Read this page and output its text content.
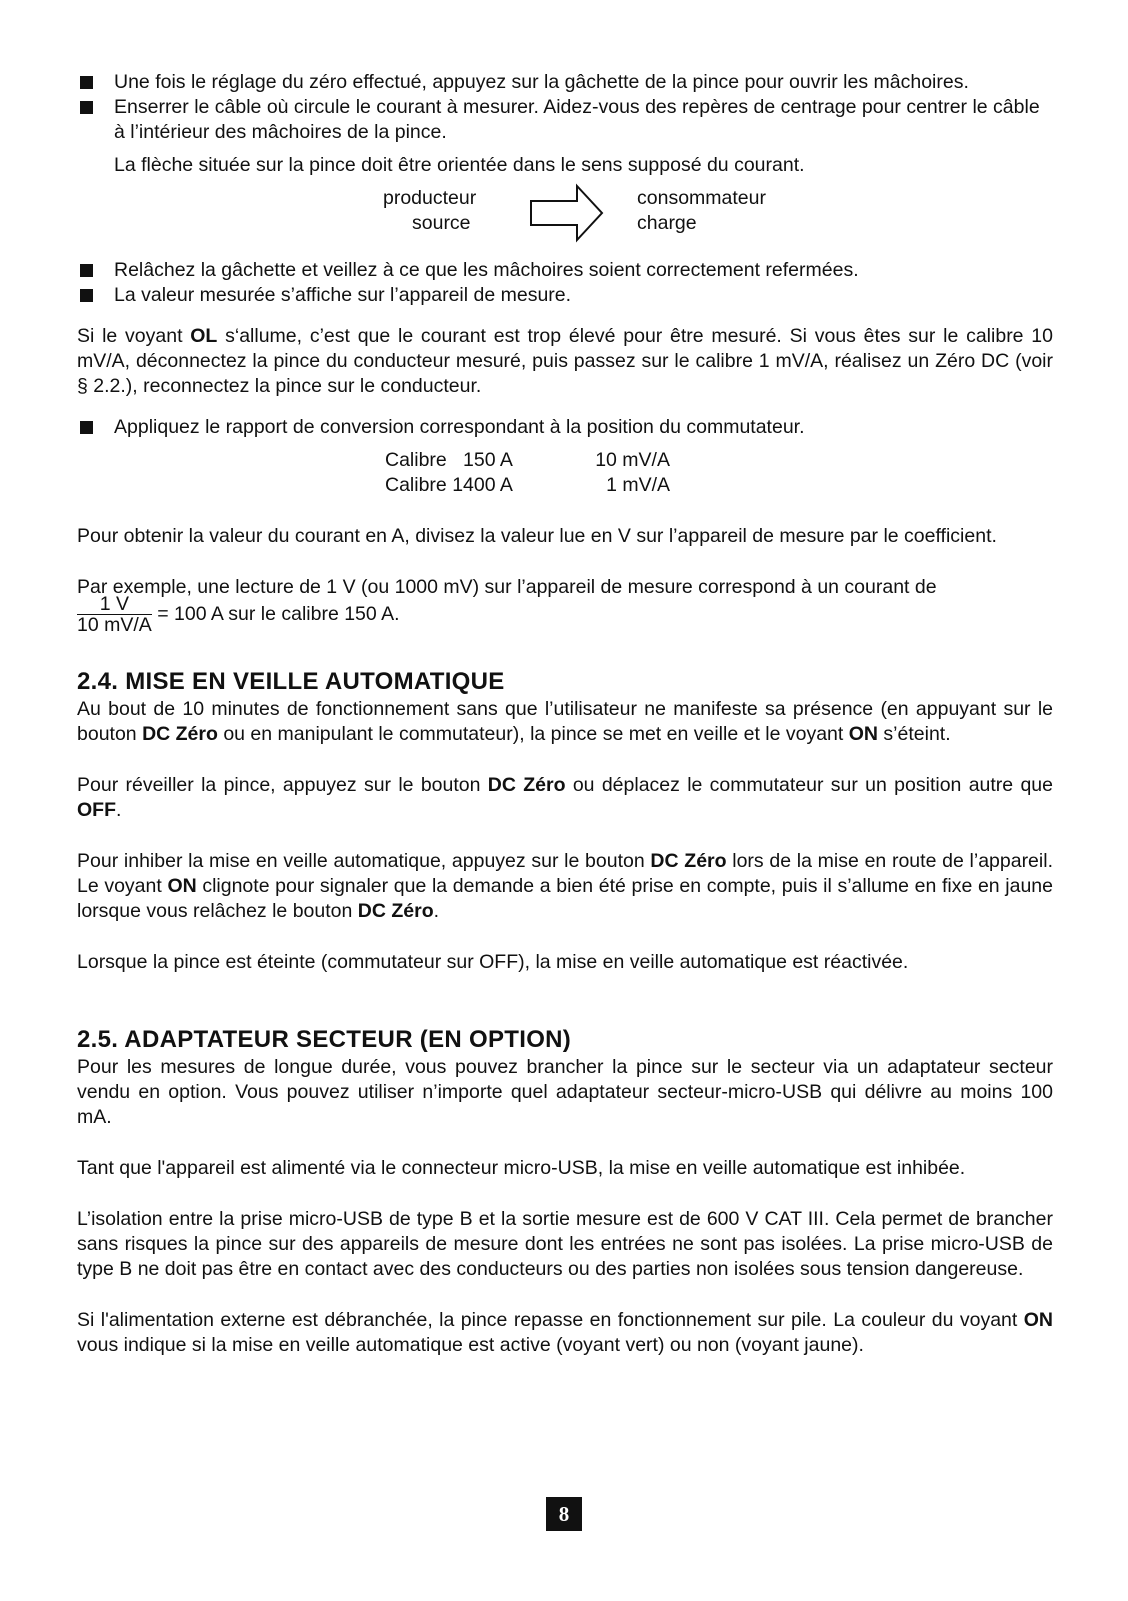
Une fois le réglage du zéro effectué, appuyez sur la gâchette de la pince pour ouvrir les mâchoires.
Enserrer le câble où circule le courant à mesurer. Aidez-vous des repères de centrage pour centrer le câble à l’intérieur des mâchoires de la pince.

La flèche située sur la pince doit être orientée dans le sens supposé du courant.

producteur
source
consommateur
charge
Relâchez la gâchette et veillez à ce que les mâchoires soient correctement refermées.
La valeur mesurée s’affiche sur l’appareil de mesure.

Si le voyant OL s‘allume, c’est que le courant est trop élevé pour être mesuré. Si vous êtes sur le calibre 10 mV/A, déconnectez la pince du conducteur mesuré, puis passez sur le calibre 1 mV/A, réalisez un Zéro DC (voir § 2.2.), reconnectez la pince sur le conducteur.

Appliquez le rapport de conversion correspondant à la position du commutateur.
Calibre   150 A	10 mV/A
Calibre 1400 A	1 mV/A

Pour obtenir la valeur du courant en A, divisez la valeur lue en V sur l’appareil de mesure par le coefficient.

Par exemple, une lecture de 1 V (ou 1000 mV) sur l’appareil de mesure correspond à un courant de

$\frac{1 V}{10 mV/A} = 100$ A sur le calibre 150 A.
2.4. MISE EN VEILLE AUTOMATIQUE

Au bout de 10 minutes de fonctionnement sans que l’utilisateur ne manifeste sa présence (en appuyant sur le bouton DC Zéro ou en manipulant le commutateur), la pince se met en veille et le voyant ON s’éteint.

Pour réveiller la pince, appuyez sur le bouton DC Zéro ou déplacez le commutateur sur un position autre que OFF.

Pour inhiber la mise en veille automatique, appuyez sur le bouton DC Zéro lors de la mise en route de l’appareil. Le voyant ON clignote pour signaler que la demande a bien été prise en compte, puis il s’allume en fixe en jaune lorsque vous relâchez le bouton DC Zéro.

Lorsque la pince est éteinte (commutateur sur OFF), la mise en veille automatique est réactivée.

2.5. ADAPTATEUR SECTEUR (EN OPTION)

Pour les mesures de longue durée, vous pouvez brancher la pince sur le secteur via un adaptateur secteur vendu en option. Vous pouvez utiliser n’importe quel adaptateur secteur-micro-USB qui délivre au moins 100 mA.

Tant que l'appareil est alimenté via le connecteur micro-USB, la mise en veille automatique est inhibée.

L’isolation entre la prise micro-USB de type B et la sortie mesure est de 600 V CAT III. Cela permet de brancher sans risques la pince sur des appareils de mesure dont les entrées ne sont pas isolées. La prise micro-USB de type B ne doit pas être en contact avec des conducteurs ou des parties non isolées sous tension dangereuse.

Si l'alimentation externe est débranchée, la pince repasse en fonctionnement sur pile. La couleur du voyant ON vous indique si la mise en veille automatique est active (voyant vert) ou non (voyant jaune).

8
